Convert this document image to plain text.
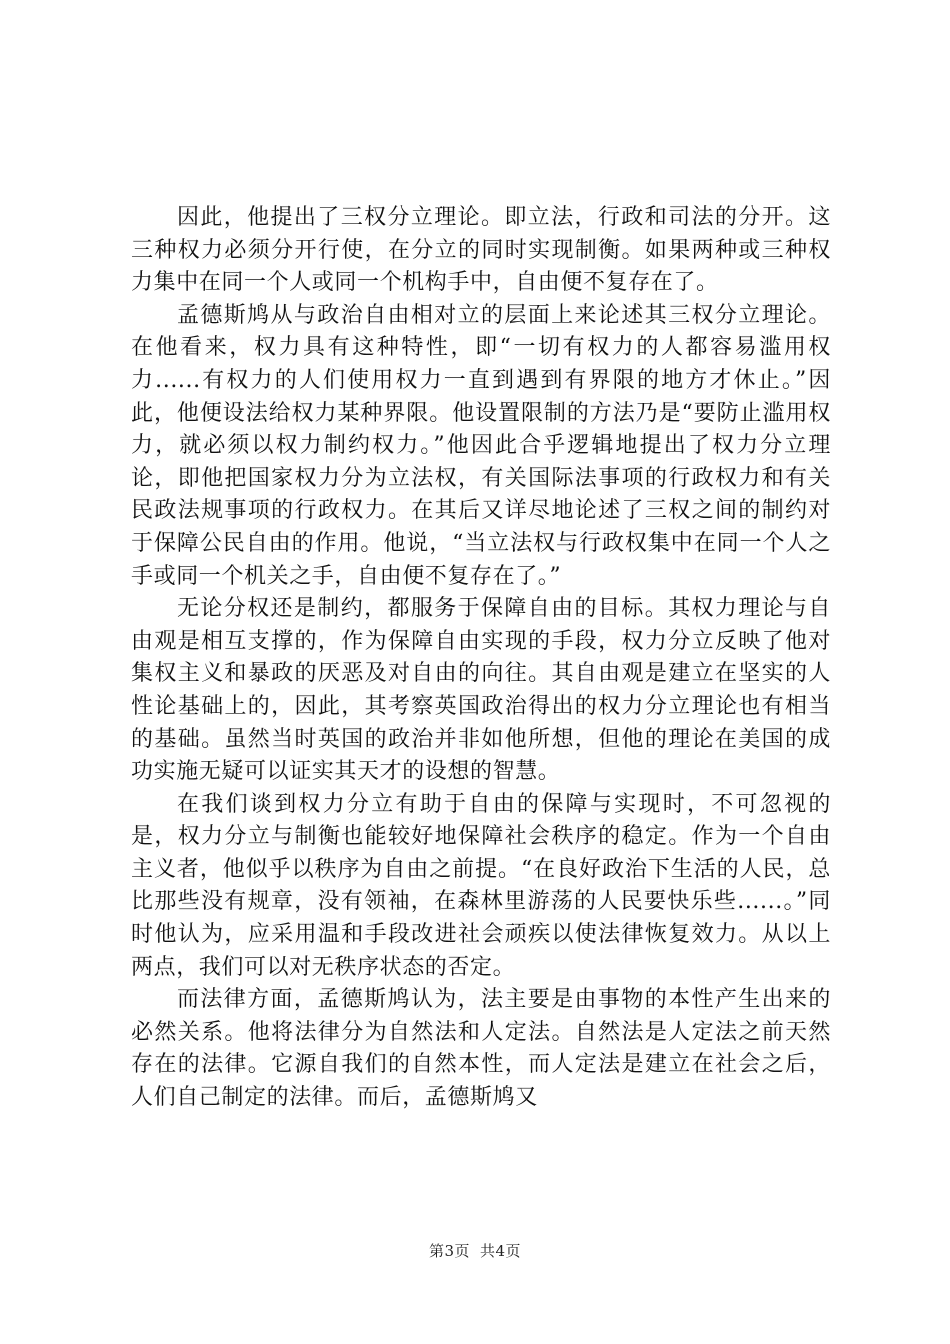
因此，他提出了三权分立理论。即立法，行政和司法的分开。这三种权力必须分开行使，在分立的同时实现制衡。如果两种或三种权力集中在同一个人或同一个机构手中，自由便不复存在了。

孟德斯鸠从与政治自由相对立的层面上来论述其三权分立理论。在他看来，权力具有这种特性，即“一切有权力的人都容易滥用权力......有权力的人们使用权力一直到遇到有界限的地方才休止。”因此，他便设法给权力某种界限。他设置限制的方法乃是“要防止滥用权力，就必须以权力制约权力。”他因此合乎逻辑地提出了权力分立理论，即他把国家权力分为立法权，有关国际法事项的行政权力和有关民政法规事项的行政权力。在其后又详尽地论述了三权之间的制约对于保障公民自由的作用。他说，“当立法权与行政权集中在同一个人之手或同一个机关之手，自由便不复存在了。”

无论分权还是制约，都服务于保障自由的目标。其权力理论与自由观是相互支撑的，作为保障自由实现的手段，权力分立反映了他对集权主义和暴政的厌恶及对自由的向往。其自由观是建立在坚实的人性论基础上的，因此，其考察英国政治得出的权力分立理论也有相当的基础。虽然当时英国的政治并非如他所想，但他的理论在美国的成功实施无疑可以证实其天才的设想的智慧。

在我们谈到权力分立有助于自由的保障与实现时，不可忽视的是，权力分立与制衡也能较好地保障社会秩序的稳定。作为一个自由主义者，他似乎以秩序为自由之前提。“在良好政治下生活的人民，总比那些没有规章，没有领袖，在森林里游荡的人民要快乐些......。”同时他认为，应采用温和手段改进社会顽疾以使法律恢复效力。从以上两点，我们可以对无秩序状态的否定。

而法律方面，孟德斯鸠认为，法主要是由事物的本性产生出来的必然关系。他将法律分为自然法和人定法。自然法是人定法之前天然存在的法律。它源自我们的自然本性，而人定法是建立在社会之后，人们自己制定的法律。而后，孟德斯鸠又

第3页 共4页
